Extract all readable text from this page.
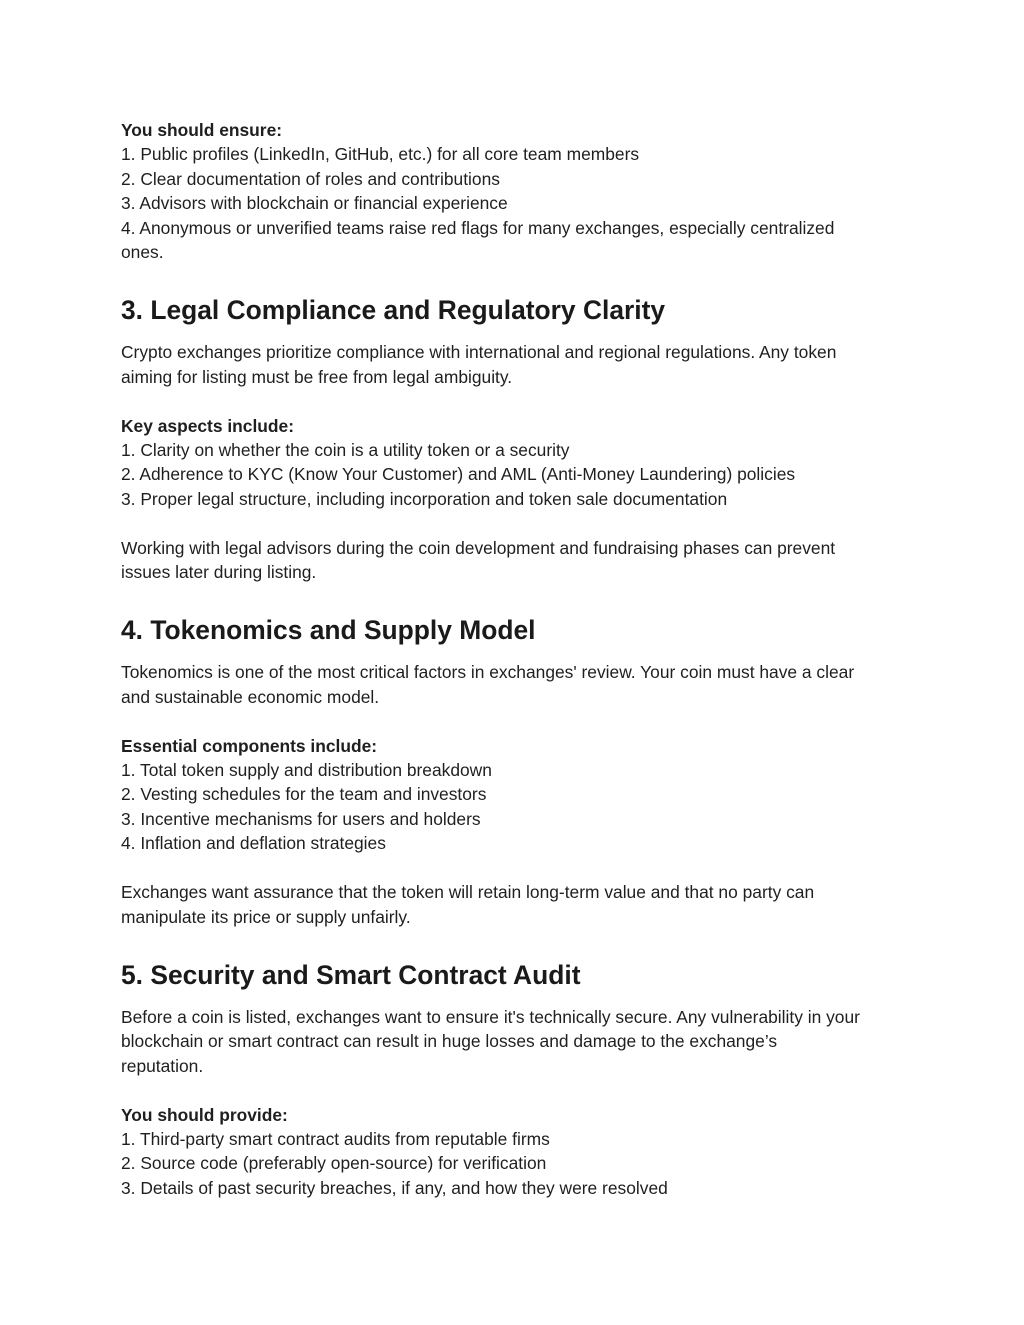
You should ensure:

1. Public profiles (LinkedIn, GitHub, etc.) for all core team members

2. Clear documentation of roles and contributions

3. Advisors with blockchain or financial experience

4. Anonymous or unverified teams raise red flags for many exchanges, especially centralized

ones.

3. Legal Compliance and Regulatory Clarity

Crypto exchanges prioritize compliance with international and regional regulations. Any token

aiming for listing must be free from legal ambiguity.

Key aspects include:

1. Clarity on whether the coin is a utility token or a security

2. Adherence to KYC (Know Your Customer) and AML (Anti-Money Laundering) policies

3. Proper legal structure, including incorporation and token sale documentation

Working with legal advisors during the coin development and fundraising phases can prevent

issues later during listing.

4. Tokenomics and Supply Model

Tokenomics is one of the most critical factors in exchanges' review. Your coin must have a clear

and sustainable economic model.

Essential components include:

1. Total token supply and distribution breakdown

2. Vesting schedules for the team and investors

3. Incentive mechanisms for users and holders

4. Inflation and deflation strategies

Exchanges want assurance that the token will retain long-term value and that no party can

manipulate its price or supply unfairly.

5. Security and Smart Contract Audit

Before a coin is listed, exchanges want to ensure it's technically secure. Any vulnerability in your

blockchain or smart contract can result in huge losses and damage to the exchange’s

reputation.

You should provide:

1. Third-party smart contract audits from reputable firms

2. Source code (preferably open-source) for verification

3. Details of past security breaches, if any, and how they were resolved
